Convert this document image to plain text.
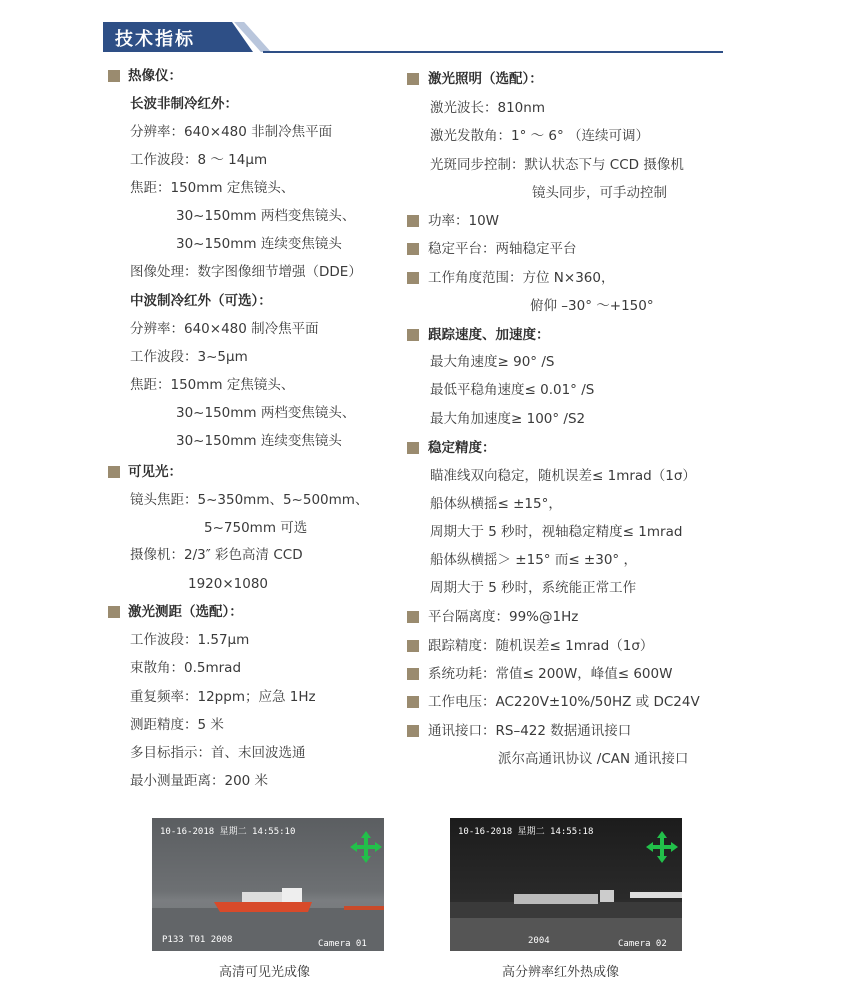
技术指标
热像仪：
长波非制冷红外：
分辨率：640×480 非制冷焦平面
工作波段：8 ～ 14μm
焦距：150mm 定焦镜头、
30~150mm 两档变焦镜头、
30~150mm 连续变焦镜头
图像处理：数字图像细节增强（DDE）
中波制冷红外（可选）：
分辨率：640×480 制冷焦平面
工作波段：3~5μm
焦距：150mm 定焦镜头、
30~150mm 两档变焦镜头、
30~150mm 连续变焦镜头
可见光：
镜头焦距：5~350mm、5~500mm、
5~750mm 可选
摄像机：2/3″ 彩色高清 CCD
1920×1080
激光测距（选配）：
工作波段：1.57μm
束散角：0.5mrad
重复频率：12ppm；应急 1Hz
测距精度：5 米
多目标指示：首、末回波选通
最小测量距离：200 米
激光照明（选配）：
激光波长：810nm
激光发散角：1° ～ 6° （连续可调）
光斑同步控制：默认状态下与 CCD 摄像机
镜头同步，可手动控制
功率：10W
稳定平台：两轴稳定平台
工作角度范围：方位 N×360，
俯仰 –30° ～+150°
跟踪速度、加速度：
最大角速度≥ 90° /S
最低平稳角速度≤ 0.01° /S
最大角加速度≥ 100° /S2
稳定精度：
瞄准线双向稳定，随机误差≤ 1mrad（1σ）
船体纵横摇≤ ±15°，
周期大于 5 秒时，视轴稳定精度≤ 1mrad
船体纵横摇＞ ±15° 而≤ ±30° ，
周期大于 5 秒时，系统能正常工作
平台隔离度：99%@1Hz
跟踪精度：随机误差≤ 1mrad（1σ）
系统功耗：常值≤ 200W，峰值≤ 600W
工作电压：AC220V±10%/50HZ 或 DC24V
通讯接口：RS–422 数据通讯接口
派尔高通讯协议 /CAN 通讯接口
10-16-2018 星期二 14:55:10
P133 T01 2008	Camera 01
高清可见光成像
10-16-2018 星期二 14:55:18
2004	Camera 02
高分辨率红外热成像
